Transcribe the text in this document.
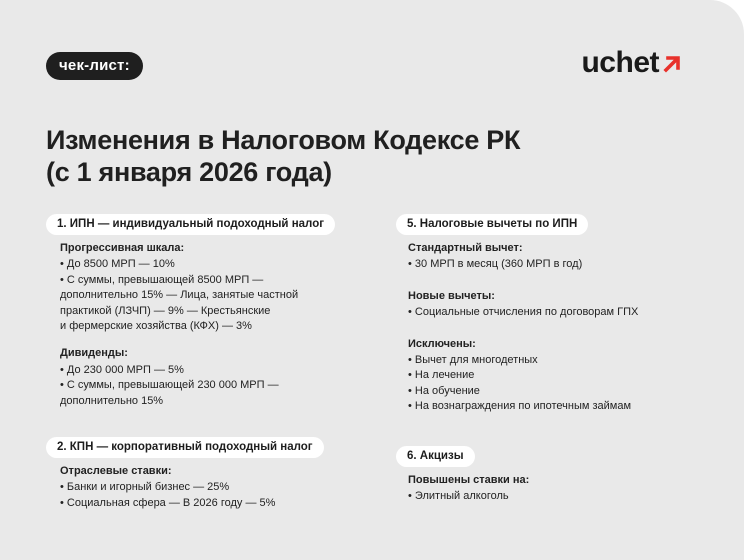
чек-лист:	uchet
Изменения в Налоговом Кодексе РК
(с 1 января 2026 года)
1. ИПН — индивидуальный подоходный налог
Прогрессивная шкала:
• До 8500 МРП — 10%
• С суммы, превышающей 8500 МРП —
дополнительно 15% — Лица, занятые частной
практикой (ЛЗЧП) — 9% — Крестьянские
и фермерские хозяйства (КФХ) — 3%
Дивиденды:
• До 230 000 МРП — 5%
• С суммы, превышающей 230 000 МРП —
дополнительно 15%
2. КПН — корпоративный подоходный налог
Отраслевые ставки:
• Банки и игорный бизнес — 25%
• Социальная сфера — В 2026 году — 5%
5. Налоговые вычеты по ИПН
Стандартный вычет:
• 30 МРП в месяц (360 МРП в год)
Новые вычеты:
• Социальные отчисления по договорам ГПХ
Исключены:
• Вычет для многодетных
• На лечение
• На обучение
• На вознаграждения по ипотечным займам
6. Акцизы
Повышены ставки на:
• Элитный алкоголь
